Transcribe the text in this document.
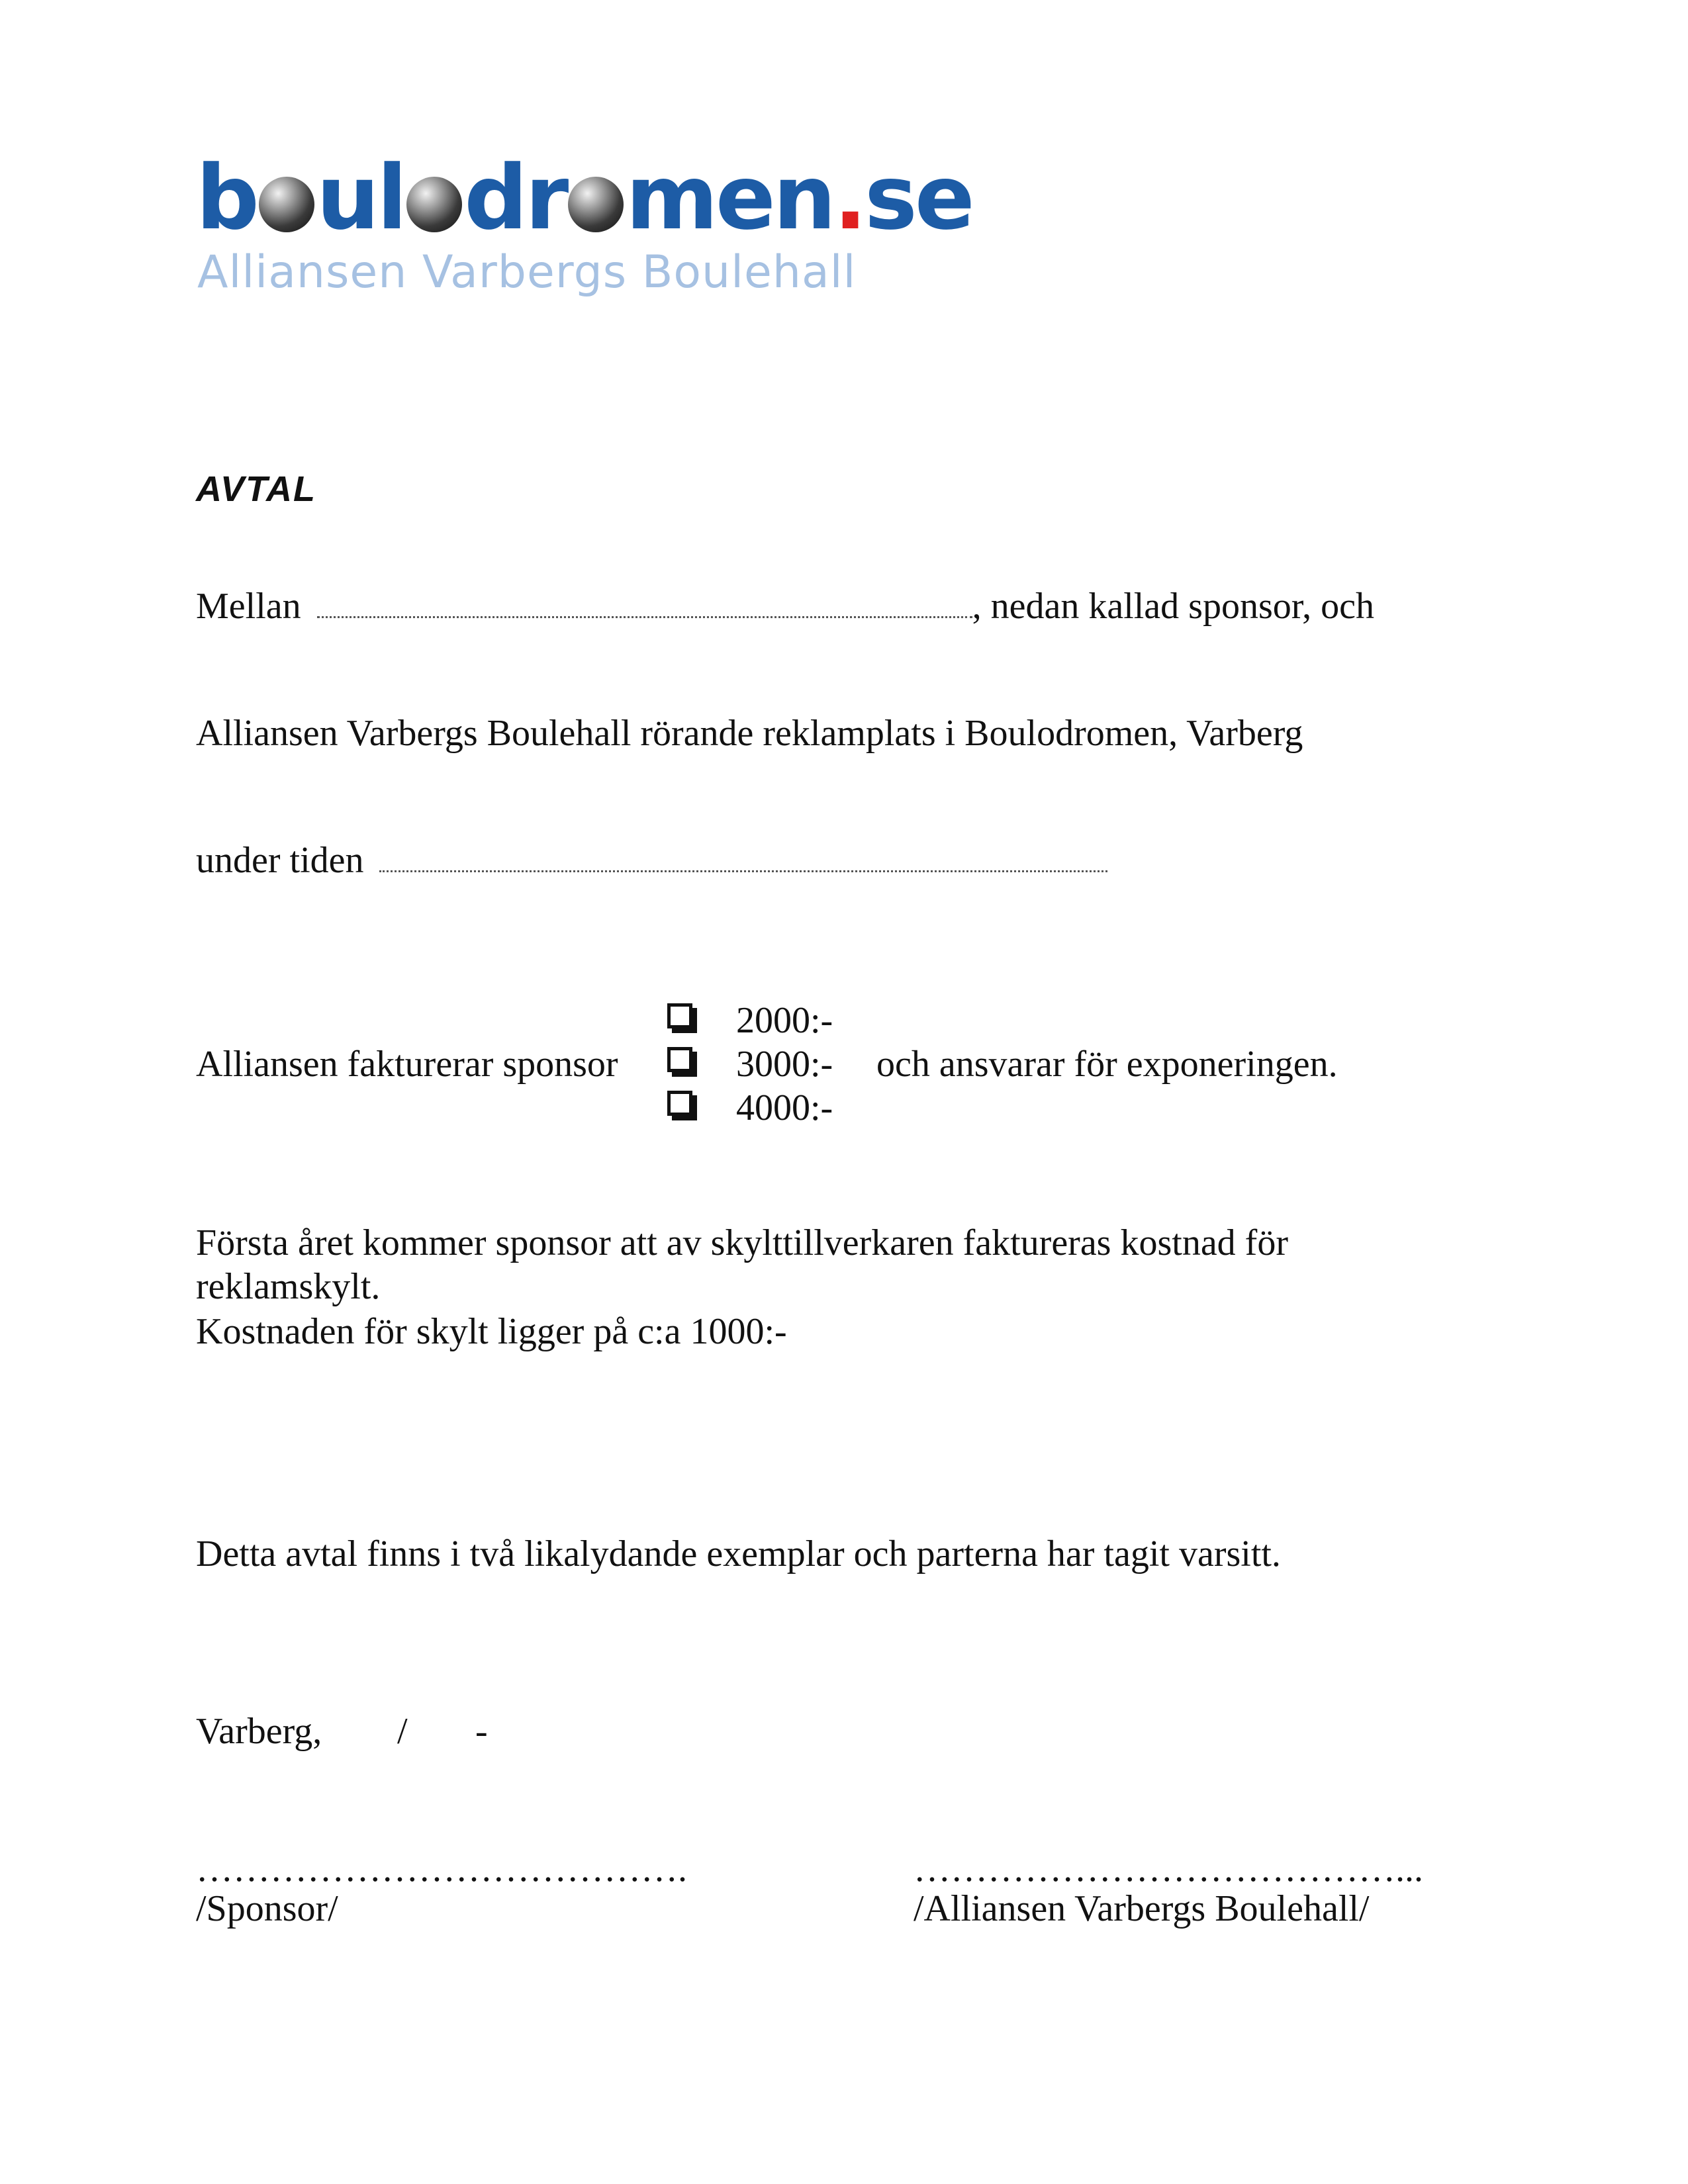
b ul dr men.se
Alliansen Varbergs Boulehall
AVTAL
Mellan	, nedan kallad sponsor, och
Alliansen Varbergs Boulehall rörande reklamplats i Boulodromen, Varberg
under tiden
Alliansen fakturerar sponsor
2000:-
3000:-
4000:-
och ansvarar för exponeringen.
Första året kommer sponsor att av skylttillverkaren faktureras kostnad för
reklamskylt.
Kostnaden för skylt ligger på c:a 1000:-
Detta avtal finns i två likalydande exemplar och parterna har tagit varsitt.
Varberg, / -
………………………………….
/Sponsor/
…………………………………...
/Alliansen Varbergs Boulehall/
